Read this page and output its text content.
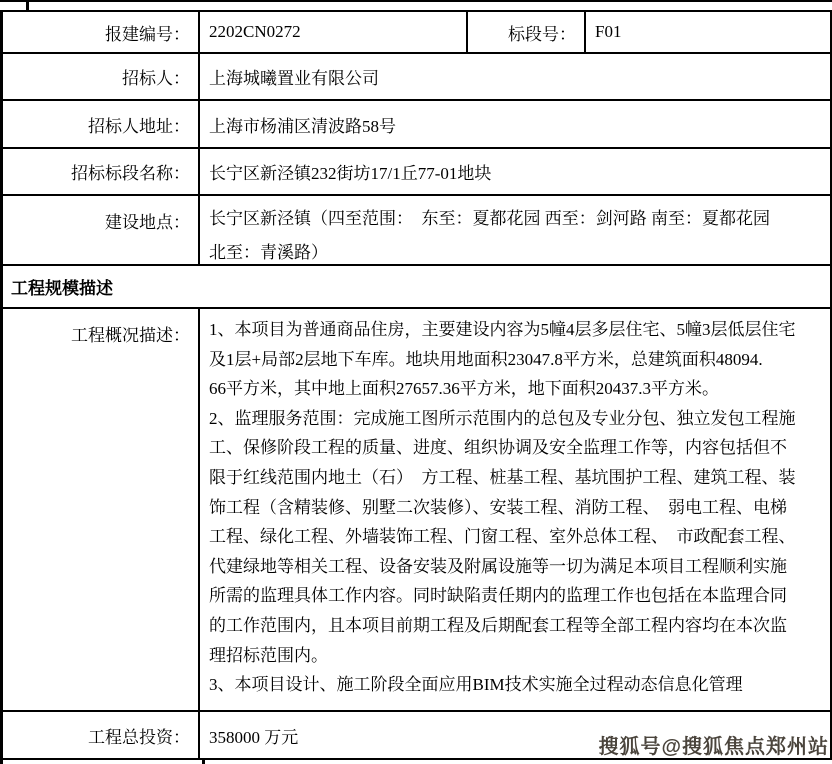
报建编号：	2202CN0272	标段号：	F01
招标人：	上海城曦置业有限公司
招标人地址：	上海市杨浦区清波路58号
招标标段名称：	长宁区新泾镇232街坊17/1丘77-01地块
建设地点：	长宁区新泾镇（四至范围：　东至：夏都花园 西至：剑河路 南至：夏都花园
北至：青溪路）
工程规模描述
工程概况描述：	1、本项目为普通商品住房，主要建设内容为5幢4层多层住宅、5幢3层低层住宅
及1层+局部2层地下车库。地块用地面积23047.8平方米，总建筑面积48094.
66平方米，其中地上面积27657.36平方米，地下面积20437.3平方米。
2、监理服务范围：完成施工图所示范围内的总包及专业分包、独立发包工程施
工、保修阶段工程的质量、进度、组织协调及安全监理工作等，内容包括但不
限于红线范围内地土（石）　方工程、桩基工程、基坑围护工程、建筑工程、装
饰工程（含精装修、别墅二次装修）、安装工程、消防工程、　弱电工程、电梯
工程、绿化工程、外墙装饰工程、门窗工程、室外总体工程、　市政配套工程、
代建绿地等相关工程、设备安装及附属设施等一切为满足本项目工程顺利实施
所需的监理具体工作内容。同时缺陷责任期内的监理工作也包括在本监理合同
的工作范围内，且本项目前期工程及后期配套工程等全部工程内容均在本次监
理招标范围内。
3、本项目设计、施工阶段全面应用BIM技术实施全过程动态信息化管理
工程总投资：	358000 万元	搜狐号@搜狐焦点郑州站
